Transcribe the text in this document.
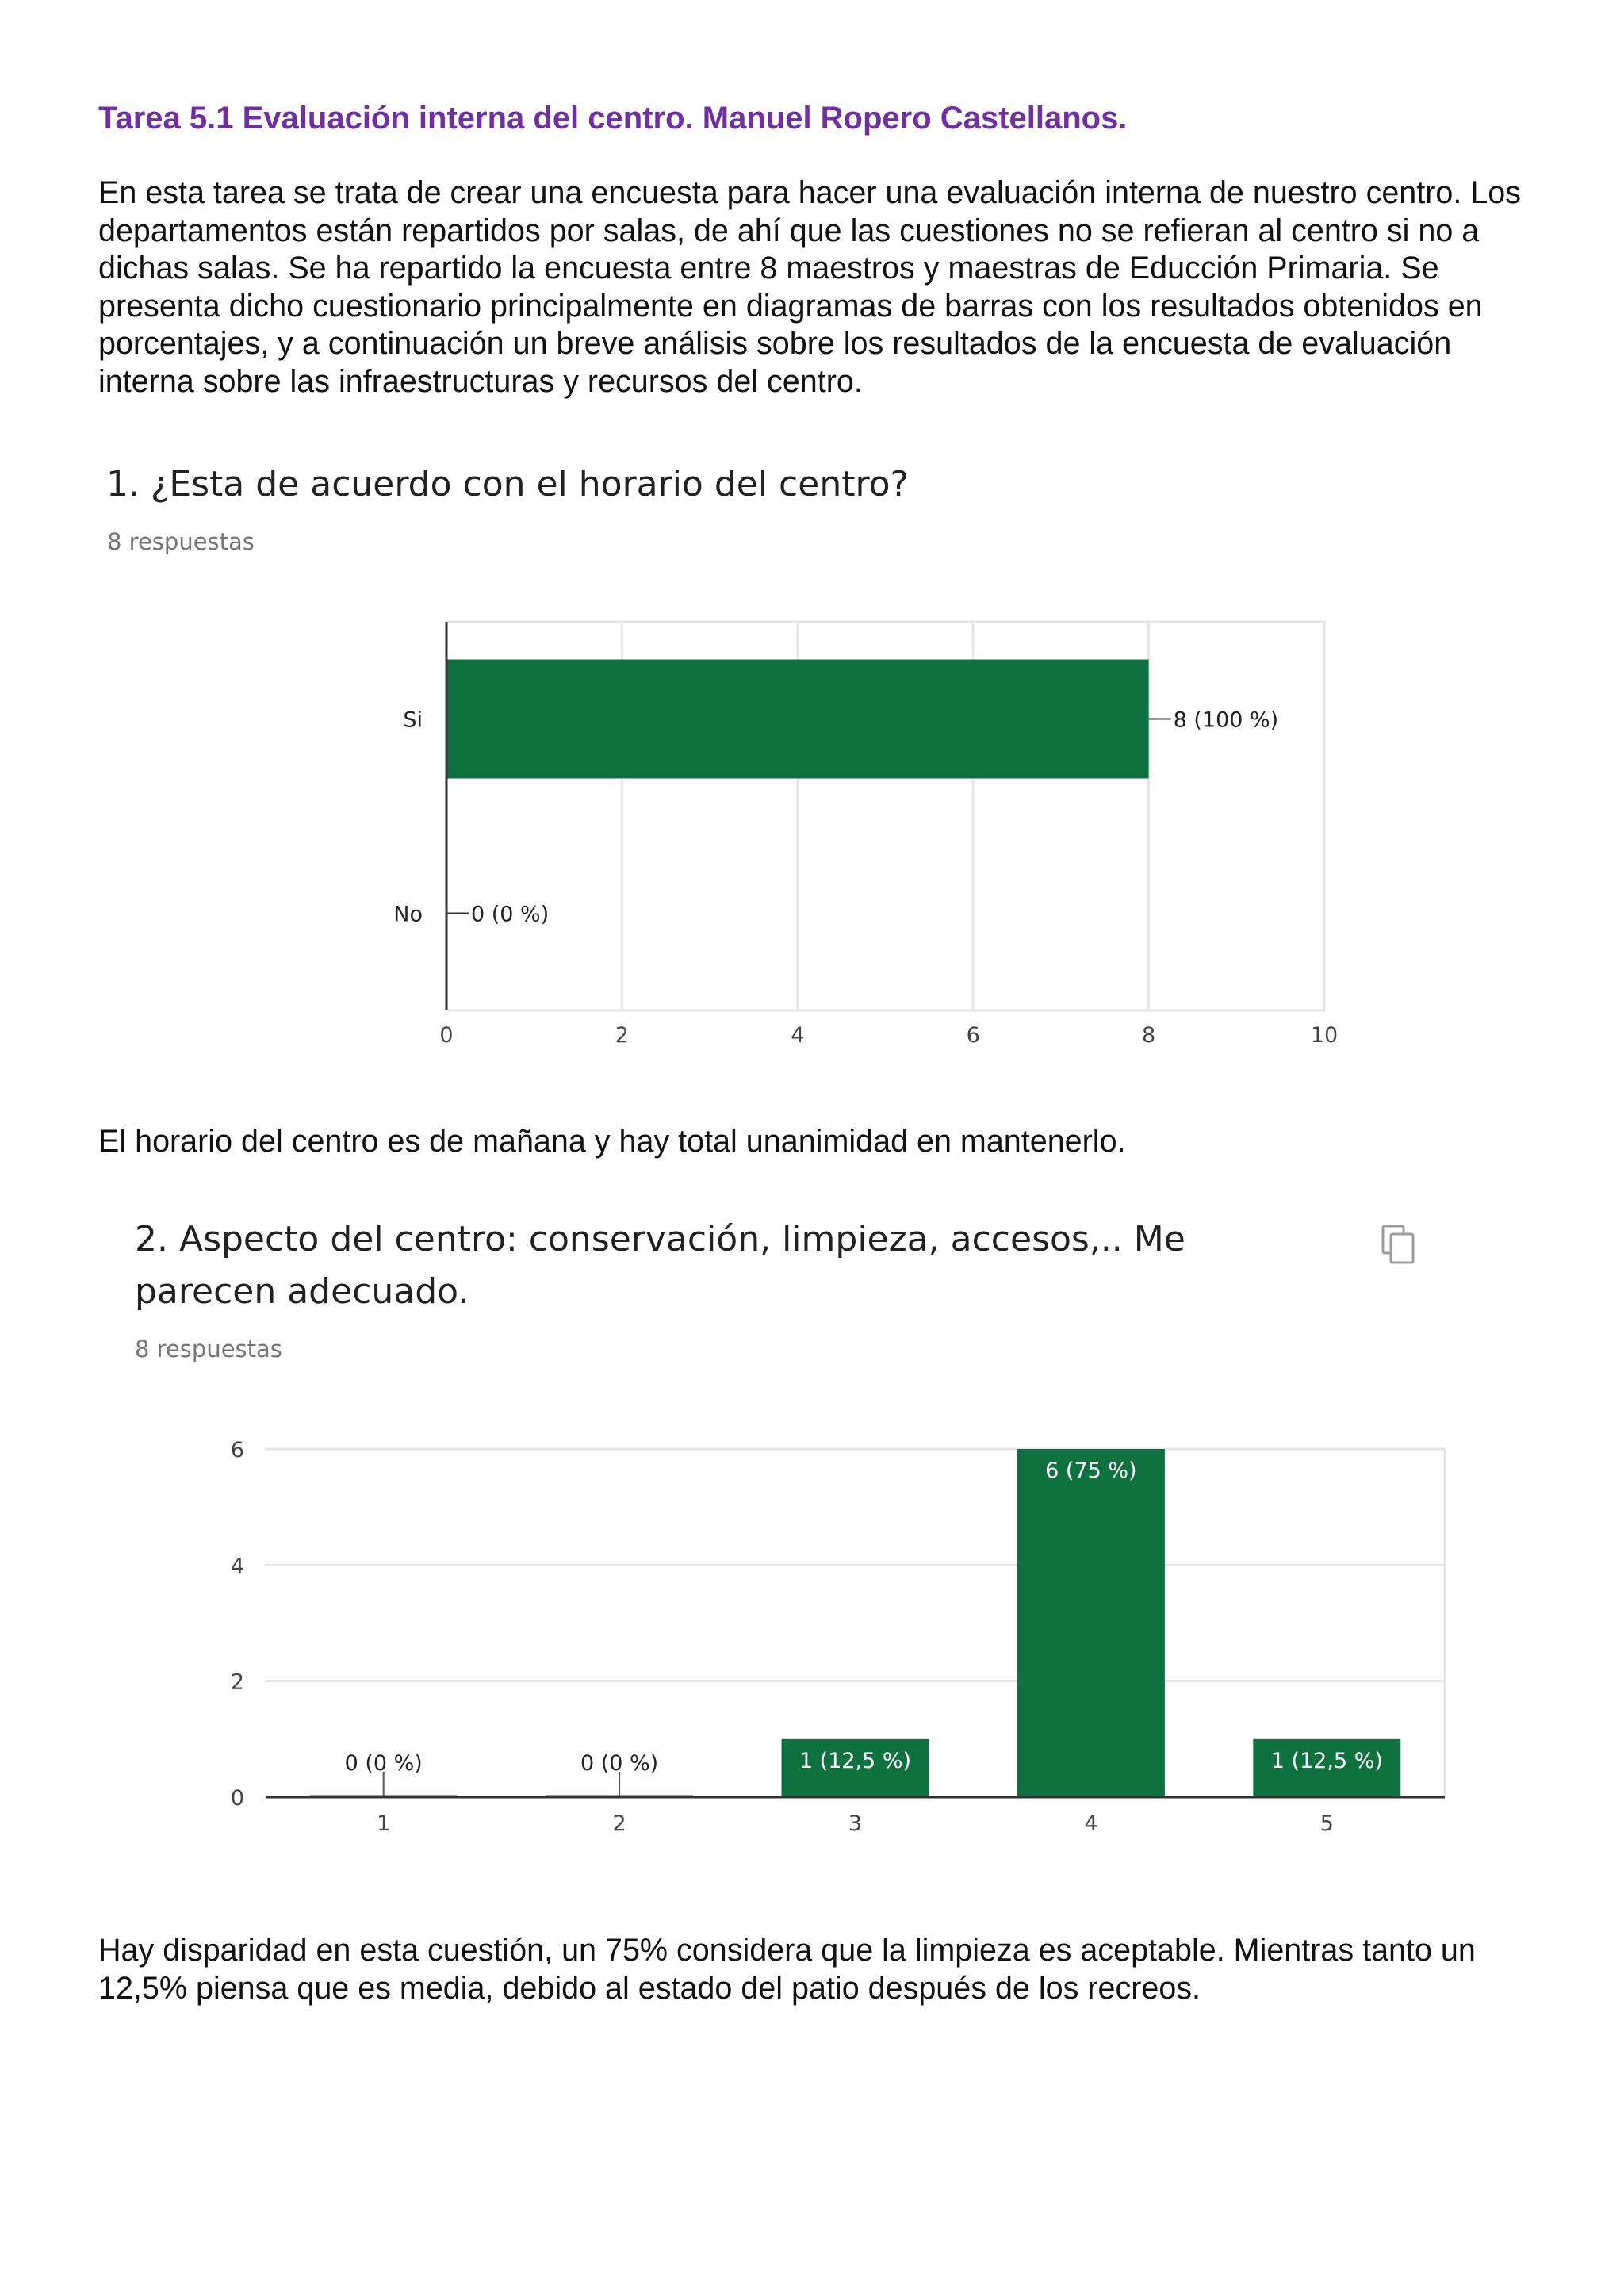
Tarea 5.1 Evaluación interna del centro. Manuel Ropero Castellanos.
En esta tarea se trata de crear una encuesta para hacer una evaluación interna de nuestro centro. Los departamentos están repartidos por salas, de ahí que las cuestiones no se refieran al centro si no a dichas salas. Se ha repartido la encuesta entre 8 maestros y maestras de Educción Primaria. Se presenta dicho cuestionario principalmente en diagramas de barras con los resultados obtenidos en porcentajes, y a continuación un breve análisis sobre los resultados de la encuesta de evaluación interna sobre las infraestructuras y recursos del centro.
1. ¿Esta de acuerdo con el horario del centro?
8 respuestas
0	2	4	6	8	10
Si	8 (100 %)
No 0 (0 %)
El horario del centro es de mañana y hay total unanimidad en mantenerlo.
2. Aspecto del centro: conservación, limpieza, accesos,.. Me parecen adecuado.
8 respuestas
0
2
4
6
0 (0 %)
1
0 (0 %)
2
1 (12,5 %)
3
6 (75 %)
4
1 (12,5 %)
5
Hay disparidad en esta cuestión, un 75% considera que la limpieza es aceptable. Mientras tanto un 12,5% piensa que es media, debido al estado del patio después de los recreos.
